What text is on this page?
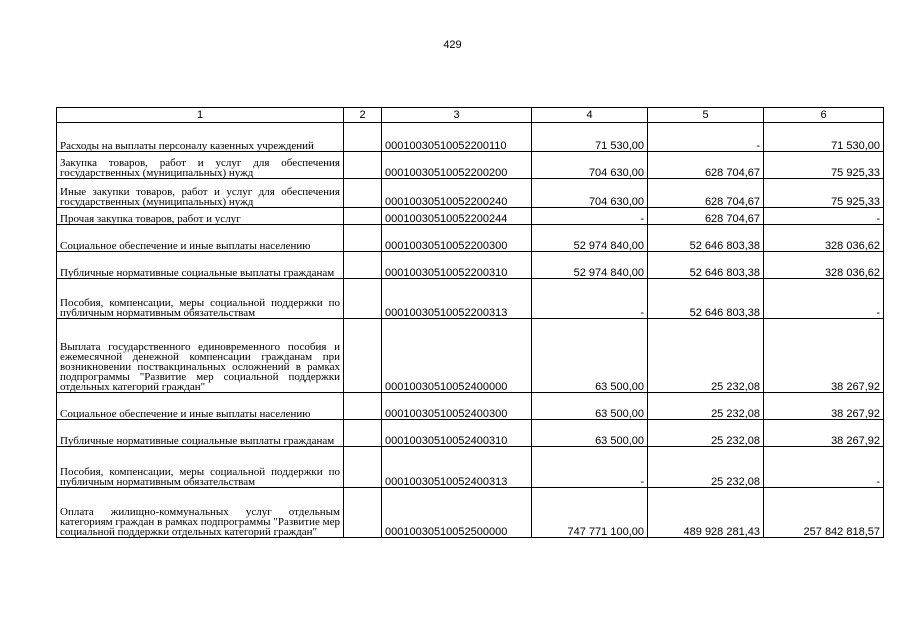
429
1	2	3	4	5	6
Расходы на выплаты персоналу казенных учреждений		00010030510052200110	71 530,00	-	71 530,00
Закупка товаров, работ и услуг для обеспечения государственных (муниципальных) нужд		00010030510052200200	704 630,00	628 704,67	75 925,33
Иные закупки товаров, работ и услуг для обеспечения государственных (муниципальных) нужд		00010030510052200240	704 630,00	628 704,67	75 925,33
Прочая закупка товаров, работ и услуг		00010030510052200244	-	628 704,67	-
Социальное обеспечение и иные выплаты населению		00010030510052200300	52 974 840,00	52 646 803,38	328 036,62
Публичные нормативные социальные выплаты гражданам		00010030510052200310	52 974 840,00	52 646 803,38	328 036,62
Пособия, компенсации, меры социальной поддержки по публичным нормативным обязательствам		00010030510052200313	-	52 646 803,38	-
Выплата государственного единовременного пособия и ежемесячной денежной компенсации гражданам при возникновении поствакцинальных осложнений в рамках подпрограммы "Развитие мер социальной поддержки отдельных категорий граждан"		00010030510052400000	63 500,00	25 232,08	38 267,92
Социальное обеспечение и иные выплаты населению		00010030510052400300	63 500,00	25 232,08	38 267,92
Публичные нормативные социальные выплаты гражданам		00010030510052400310	63 500,00	25 232,08	38 267,92
Пособия, компенсации, меры социальной поддержки по публичным нормативным обязательствам		00010030510052400313	-	25 232,08	-
Оплата жилищно-коммунальных услуг отдельным категориям граждан в рамках подпрограммы "Развитие мер социальной поддержки отдельных категорий граждан"		00010030510052500000	747 771 100,00	489 928 281,43	257 842 818,57
